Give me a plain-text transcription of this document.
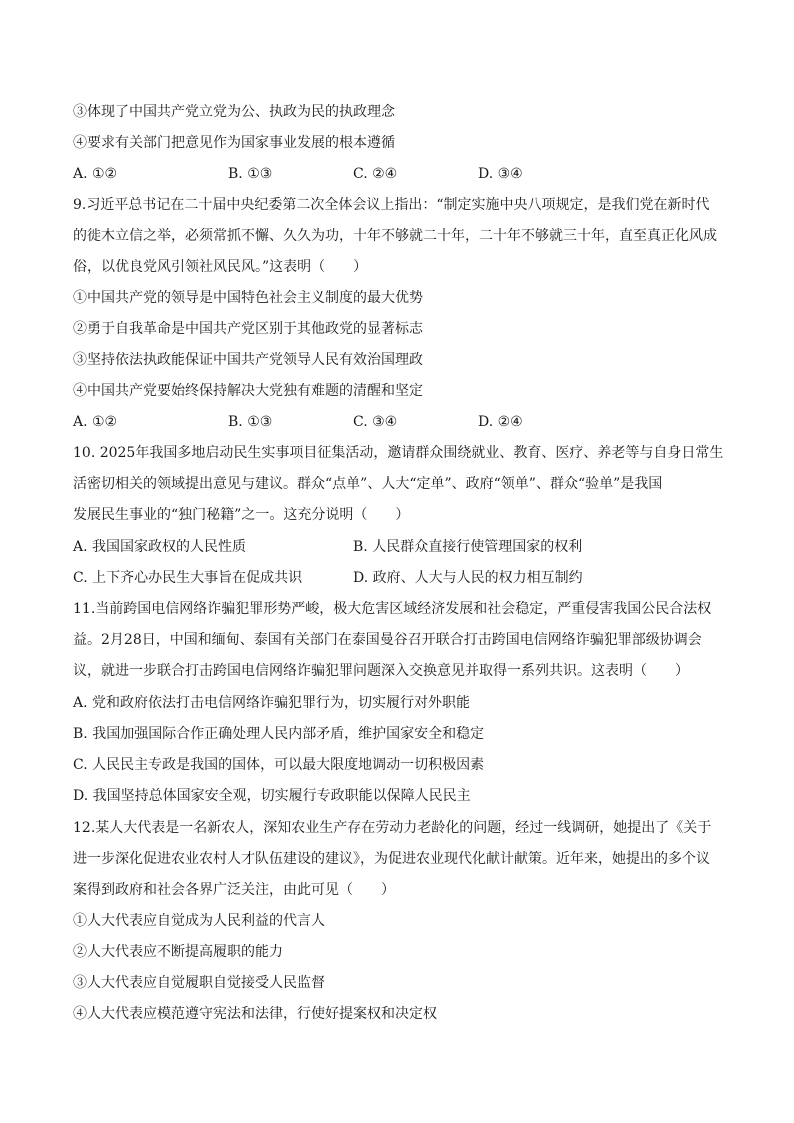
③体现了中国共产党立党为公、执政为民的执政理念
④要求有关部门把意见作为国家事业发展的根本遵循
A. ①②	B. ①③	C. ②④	D. ③④
9.习近平总书记在二十届中央纪委第二次全体会议上指出：“制定实施中央八项规定，是我们党在新时代
的徙木立信之举，必须常抓不懈、久久为功，十年不够就二十年，二十年不够就三十年，直至真正化风成
俗，以优良党风引领社风民风。”这表明（　　）
①中国共产党的领导是中国特色社会主义制度的最大优势
②勇于自我革命是中国共产党区别于其他政党的显著标志
③坚持依法执政能保证中国共产党领导人民有效治国理政
④中国共产党要始终保持解决大党独有难题的清醒和坚定
A. ①②	B. ①③	C. ③④	D. ②④
10. 2025年我国多地启动民生实事项目征集活动，邀请群众围绕就业、教育、医疗、养老等与自身日常生
活密切相关的领域提出意见与建议。群众“点单”、人大“定单”、政府“领单”、群众“验单”是我国
发展民生事业的“独门秘籍”之一。这充分说明（　　）
A. 我国国家政权的人民性质	B. 人民群众直接行使管理国家的权利
C. 上下齐心办民生大事旨在促成共识	D. 政府、人大与人民的权力相互制约
11.当前跨国电信网络诈骗犯罪形势严峻，极大危害区域经济发展和社会稳定，严重侵害我国公民合法权
益。2月28日，中国和缅甸、泰国有关部门在泰国曼谷召开联合打击跨国电信网络诈骗犯罪部级协调会
议，就进一步联合打击跨国电信网络诈骗犯罪问题深入交换意见并取得一系列共识。这表明（　　）
A. 党和政府依法打击电信网络诈骗犯罪行为，切实履行对外职能
B. 我国加强国际合作正确处理人民内部矛盾，维护国家安全和稳定
C. 人民民主专政是我国的国体，可以最大限度地调动一切积极因素
D. 我国坚持总体国家安全观，切实履行专政职能以保障人民民主
12.某人大代表是一名新农人，深知农业生产存在劳动力老龄化的问题，经过一线调研，她提出了《关于
进一步深化促进农业农村人才队伍建设的建议》，为促进农业现代化献计献策。近年来，她提出的多个议
案得到政府和社会各界广泛关注，由此可见（　　）
①人大代表应自觉成为人民利益的代言人
②人大代表应不断提高履职的能力
③人大代表应自觉履职自觉接受人民监督
④人大代表应模范遵守宪法和法律，行使好提案权和决定权
